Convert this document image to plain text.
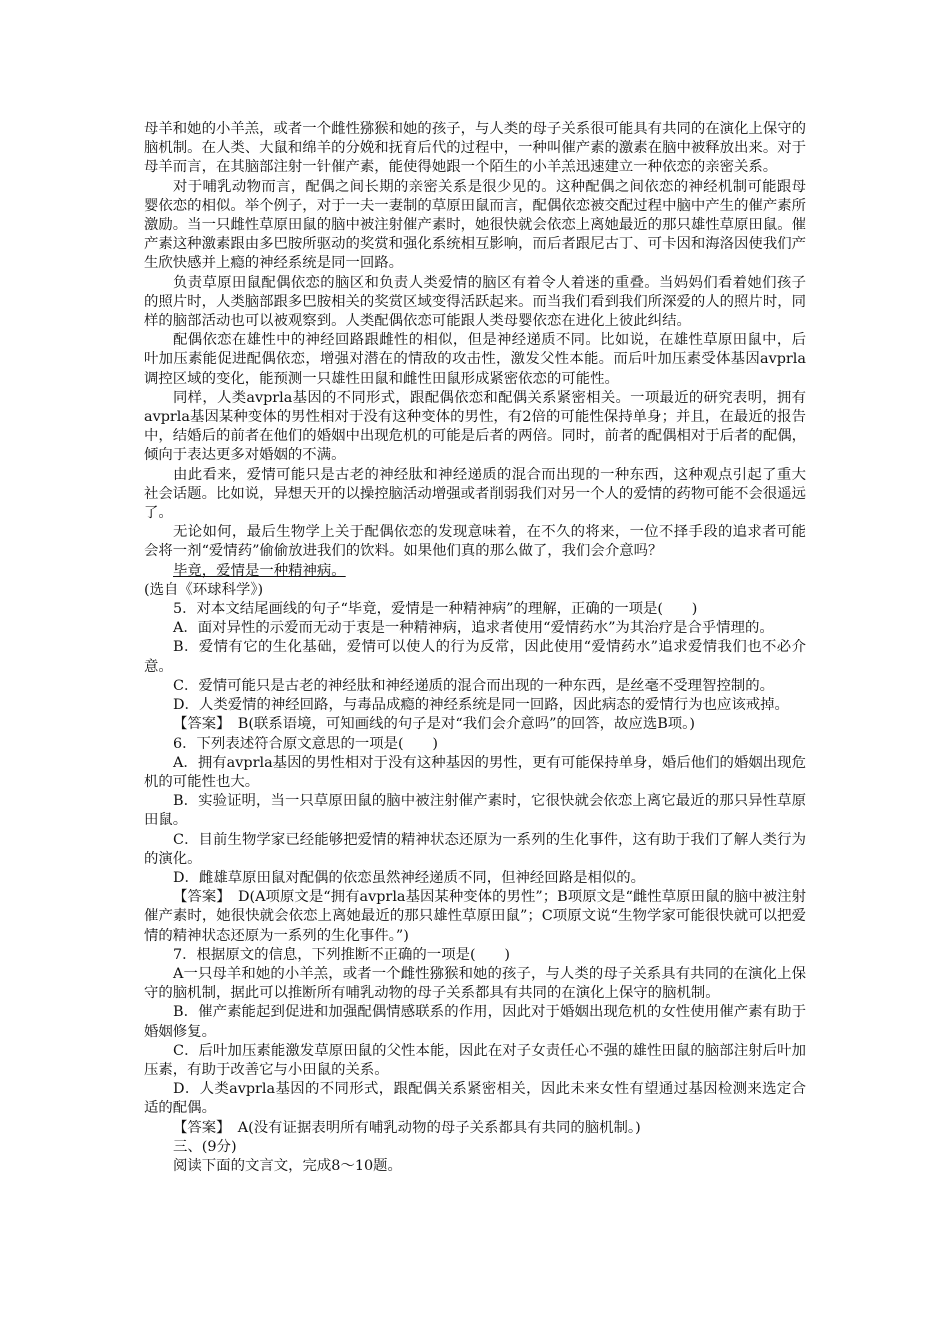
母羊和她的小羊羔，或者一个雌性猕猴和她的孩子，与人类的母子关系很可能具有共同的在演化上保守的脑机制。在人类、大鼠和绵羊的分娩和抚育后代的过程中，一种叫催产素的激素在脑中被释放出来。对于母羊而言，在其脑部注射一针催产素，能使得她跟一个陌生的小羊羔迅速建立一种依恋的亲密关系。

对于哺乳动物而言，配偶之间长期的亲密关系是很少见的。这种配偶之间依恋的神经机制可能跟母婴依恋的相似。举个例子，对于一夫一妻制的草原田鼠而言，配偶依恋被交配过程中脑中产生的催产素所激励。当一只雌性草原田鼠的脑中被注射催产素时，她很快就会依恋上离她最近的那只雄性草原田鼠。催产素这种激素跟由多巴胺所驱动的奖赏和强化系统相互影响，而后者跟尼古丁、可卡因和海洛因使我们产生欣快感并上瘾的神经系统是同一回路。

负责草原田鼠配偶依恋的脑区和负责人类爱情的脑区有着令人着迷的重叠。当妈妈们看着她们孩子的照片时，人类脑部跟多巴胺相关的奖赏区域变得活跃起来。而当我们看到我们所深爱的人的照片时，同样的脑部活动也可以被观察到。人类配偶依恋可能跟人类母婴依恋在进化上彼此纠结。

配偶依恋在雄性中的神经回路跟雌性的相似，但是神经递质不同。比如说，在雄性草原田鼠中，后叶加压素能促进配偶依恋，增强对潜在的情敌的攻击性，激发父性本能。而后叶加压素受体基因avprla调控区域的变化，能预测一只雄性田鼠和雌性田鼠形成紧密依恋的可能性。

同样，人类avprla基因的不同形式，跟配偶依恋和配偶关系紧密相关。一项最近的研究表明，拥有avprla基因某种变体的男性相对于没有这种变体的男性，有2倍的可能性保持单身；并且，在最近的报告中，结婚后的前者在他们的婚姻中出现危机的可能是后者的两倍。同时，前者的配偶相对于后者的配偶，倾向于表达更多对婚姻的不满。

由此看来，爱情可能只是古老的神经肽和神经递质的混合而出现的一种东西，这种观点引起了重大社会话题。比如说，异想天开的以操控脑活动增强或者削弱我们对另一个人的爱情的药物可能不会很遥远了。

无论如何，最后生物学上关于配偶依恋的发现意味着，在不久的将来，一位不择手段的追求者可能会将一剂“爱情药”偷偷放进我们的饮料。如果他们真的那么做了，我们会介意吗？

毕竟，爱情是一种精神病。

(选自《环球科学》)

5．对本文结尾画线的句子“毕竟，爱情是一种精神病”的理解，正确的一项是(　　)

A．面对异性的示爱而无动于衷是一种精神病，追求者使用“爱情药水”为其治疗是合乎情理的。

B．爱情有它的生化基础，爱情可以使人的行为反常，因此使用“爱情药水”追求爱情我们也不必介意。

C．爱情可能只是古老的神经肽和神经递质的混合而出现的一种东西，是丝毫不受理智控制的。

D．人类爱情的神经回路，与毒品成瘾的神经系统是同一回路，因此病态的爱情行为也应该戒掉。

【答案】　B(联系语境，可知画线的句子是对“我们会介意吗”的回答，故应选B项。)

6．下列表述符合原文意思的一项是(　　)

A．拥有avprla基因的男性相对于没有这种基因的男性，更有可能保持单身，婚后他们的婚姻出现危机的可能性也大。

B．实验证明，当一只草原田鼠的脑中被注射催产素时，它很快就会依恋上离它最近的那只异性草原田鼠。

C．目前生物学家已经能够把爱情的精神状态还原为一系列的生化事件，这有助于我们了解人类行为的演化。

D．雌雄草原田鼠对配偶的依恋虽然神经递质不同，但神经回路是相似的。

【答案】　D(A项原文是“拥有avprla基因某种变体的男性”；B项原文是“雌性草原田鼠的脑中被注射催产素时，她很快就会依恋上离她最近的那只雄性草原田鼠”；C项原文说“生物学家可能很快就可以把爱情的精神状态还原为一系列的生化事件。”)

7．根据原文的信息，下列推断不正确的一项是(　　)

A一只母羊和她的小羊羔，或者一个雌性猕猴和她的孩子，与人类的母子关系具有共同的在演化上保守的脑机制，据此可以推断所有哺乳动物的母子关系都具有共同的在演化上保守的脑机制。

B．催产素能起到促进和加强配偶情感联系的作用，因此对于婚姻出现危机的女性使用催产素有助于婚姻修复。

C．后叶加压素能激发草原田鼠的父性本能，因此在对子女责任心不强的雄性田鼠的脑部注射后叶加压素，有助于改善它与小田鼠的关系。

D．人类avprla基因的不同形式，跟配偶关系紧密相关，因此未来女性有望通过基因检测来选定合适的配偶。

【答案】　A(没有证据表明所有哺乳动物的母子关系都具有共同的脑机制。)

三、(9分)

阅读下面的文言文，完成8～10题。
